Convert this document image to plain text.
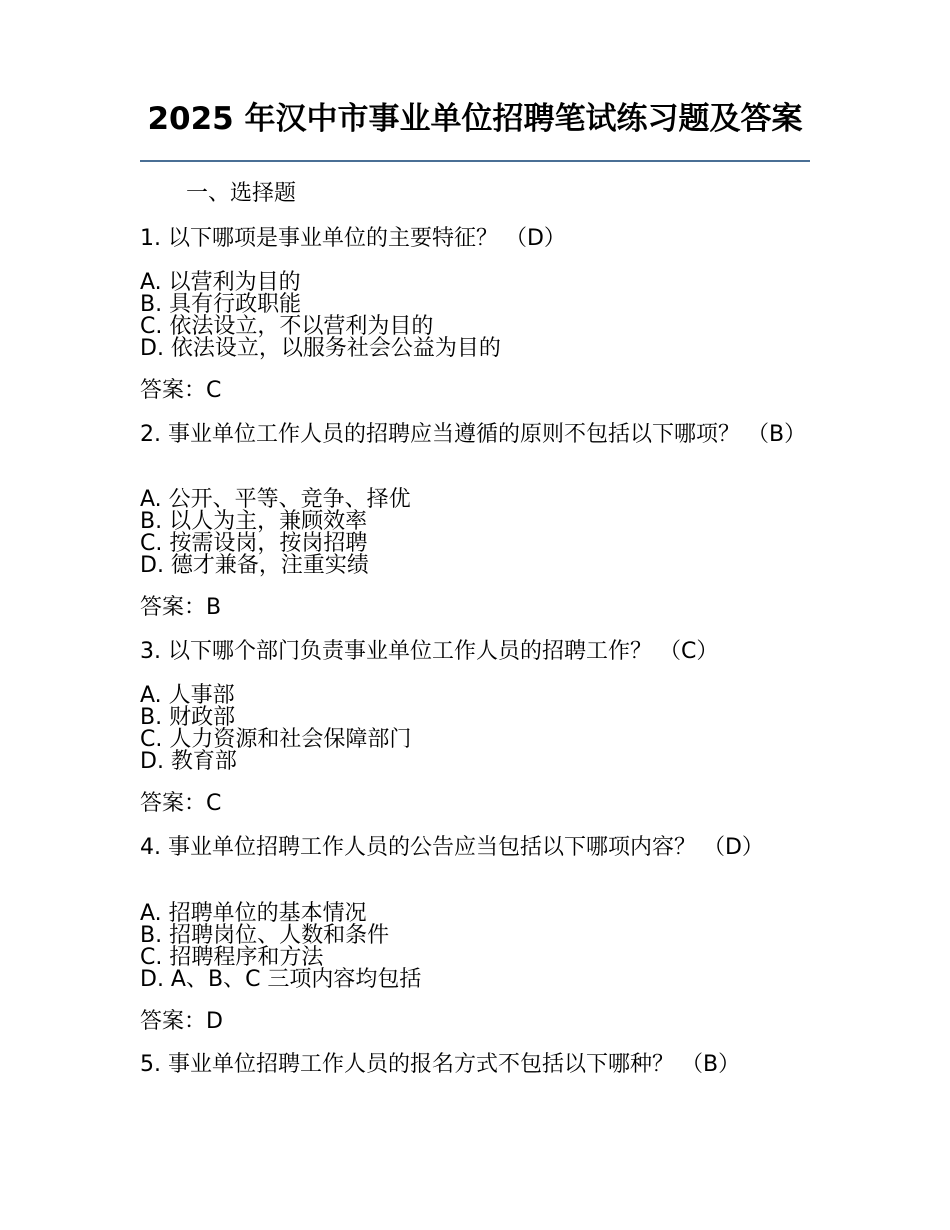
2025 年汉中市事业单位招聘笔试练习题及答案
一、选择题
1. 以下哪项是事业单位的主要特征？ （D）
A. 以营利为目的
B. 具有行政职能
C. 依法设立，不以营利为目的
D. 依法设立，以服务社会公益为目的
答案：C
2. 事业单位工作人员的招聘应当遵循的原则不包括以下哪项？ （B）
A. 公开、平等、竞争、择优
B. 以人为主，兼顾效率
C. 按需设岗，按岗招聘
D. 德才兼备，注重实绩
答案：B
3. 以下哪个部门负责事业单位工作人员的招聘工作？ （C）
A. 人事部
B. 财政部
C. 人力资源和社会保障部门
D. 教育部
答案：C
4. 事业单位招聘工作人员的公告应当包括以下哪项内容？ （D）
A. 招聘单位的基本情况
B. 招聘岗位、人数和条件
C. 招聘程序和方法
D. A、B、C 三项内容均包括
答案：D
5. 事业单位招聘工作人员的报名方式不包括以下哪种？ （B）
